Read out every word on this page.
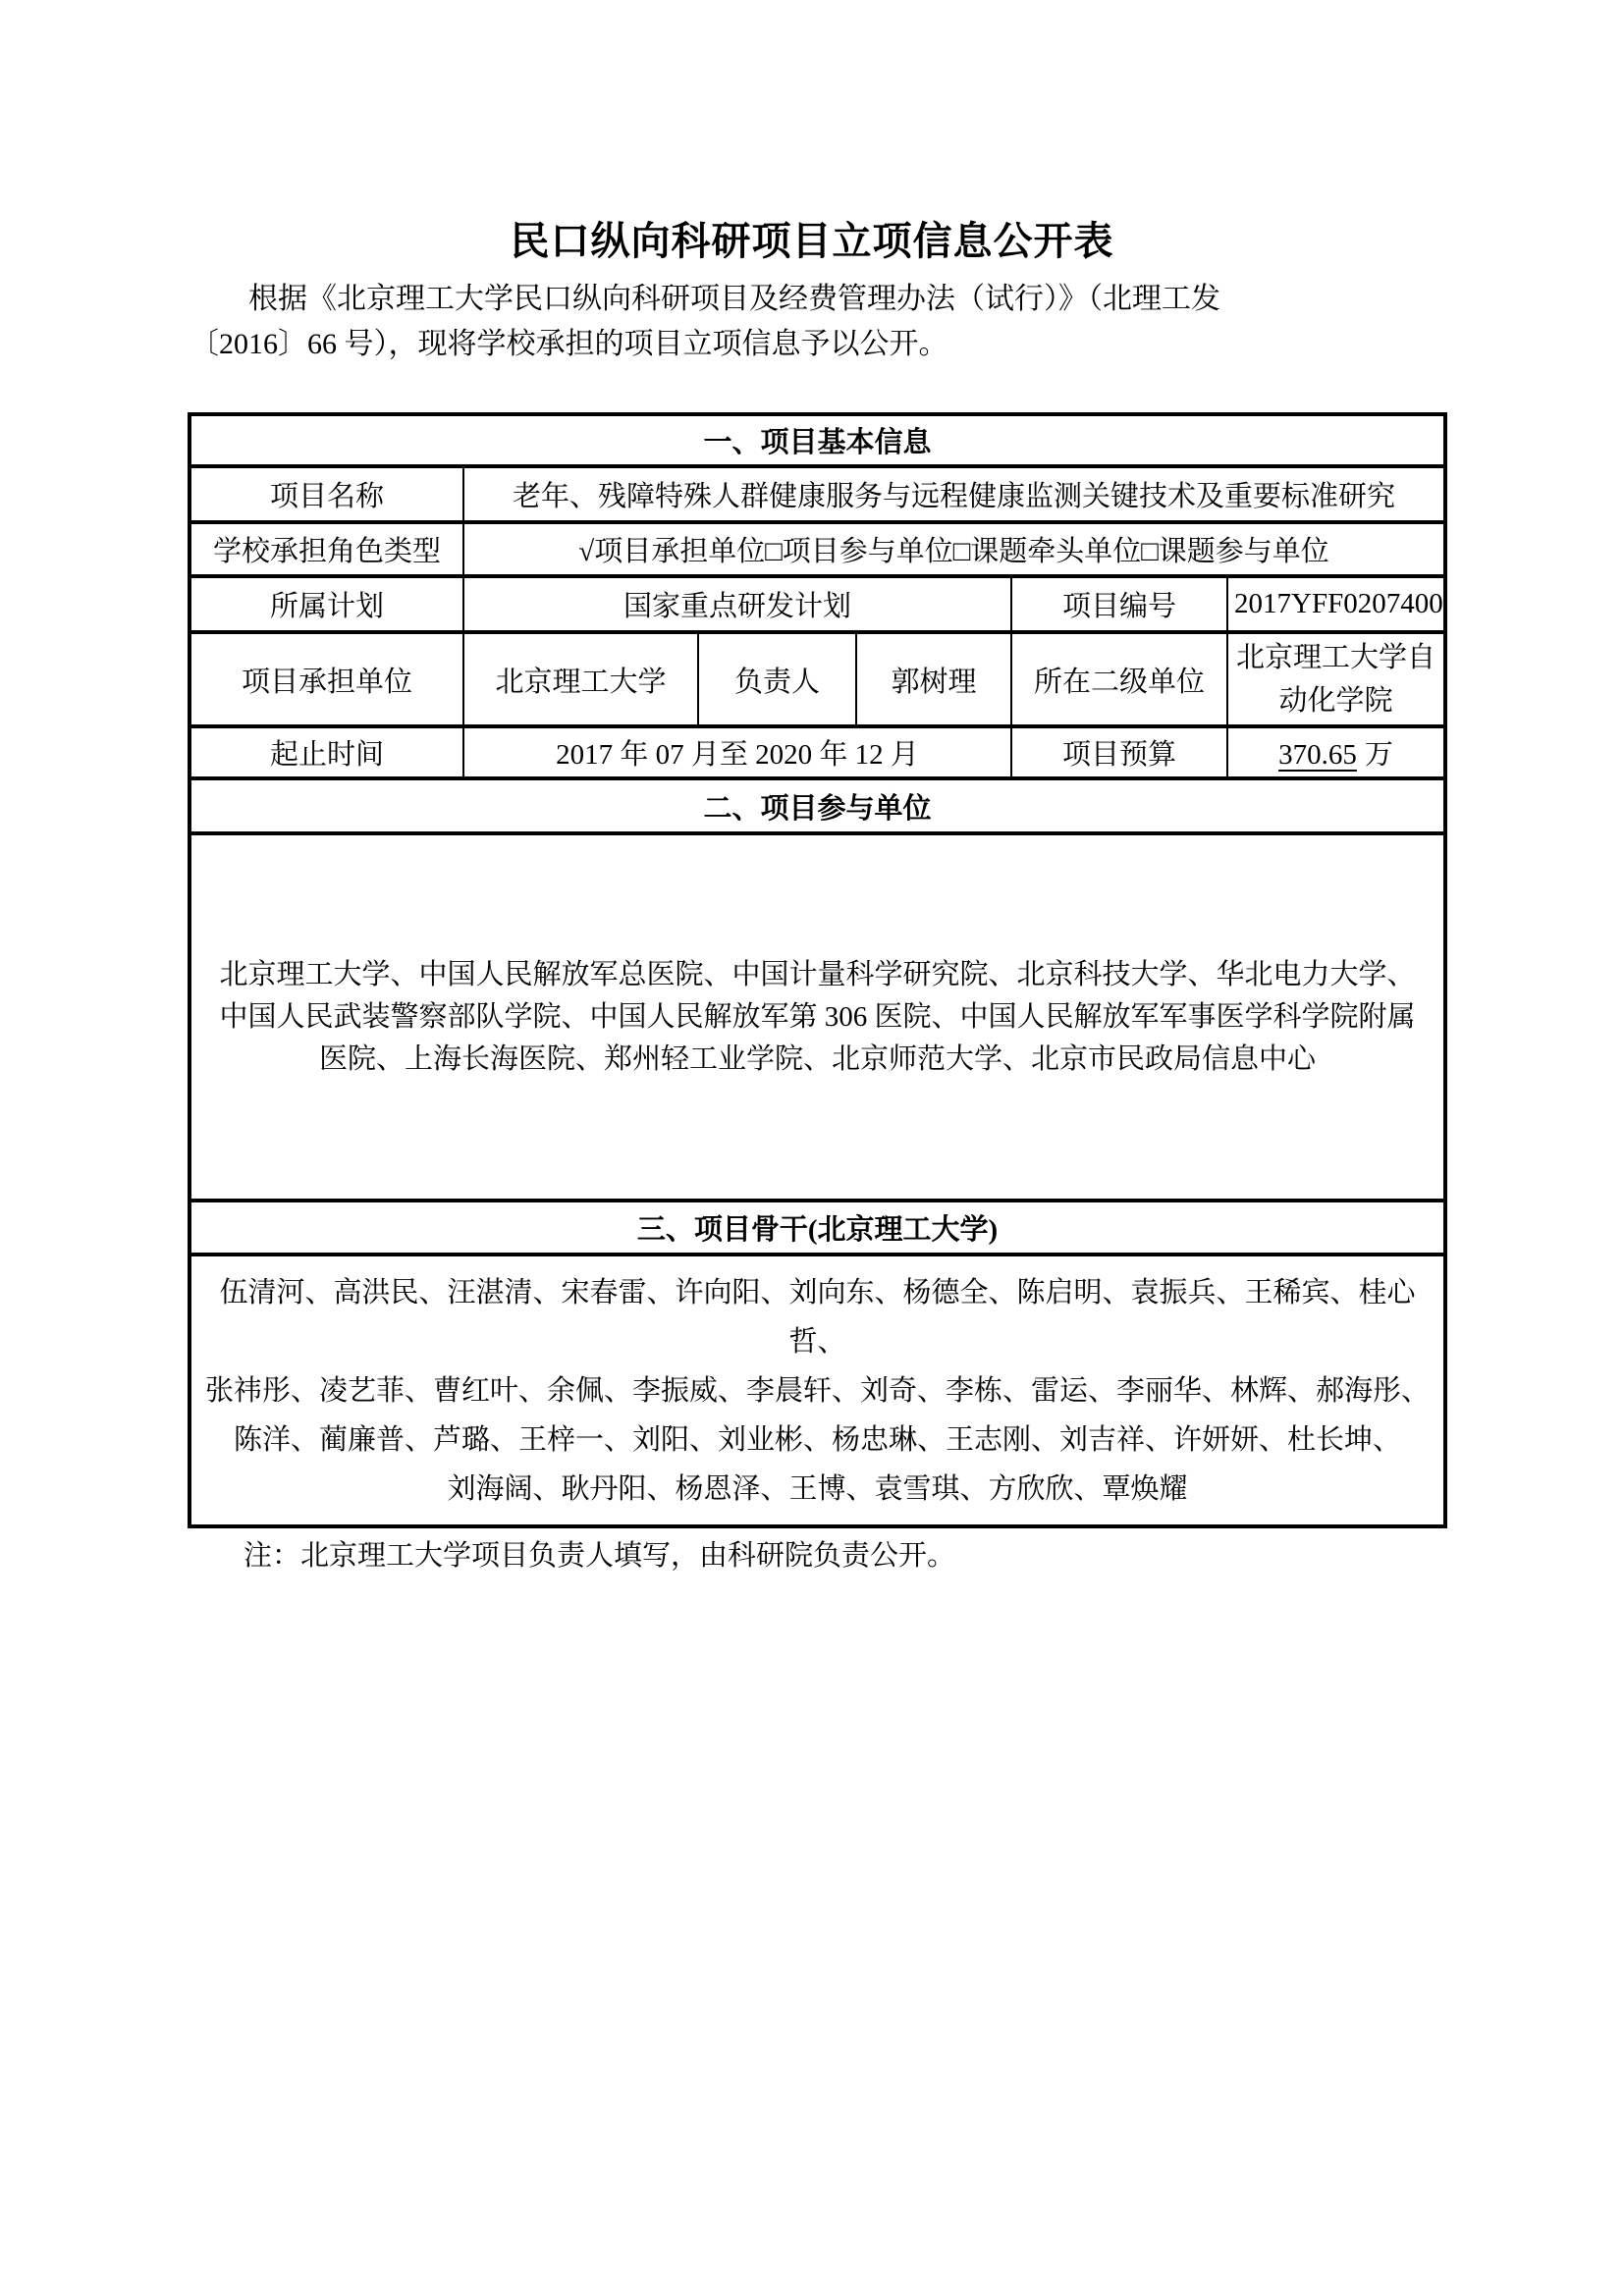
民口纵向科研项目立项信息公开表
根据《北京理工大学民口纵向科研项目及经费管理办法（试行）》（北理工发
〔2016〕66 号），现将学校承担的项目立项信息予以公开。
一、项目基本信息					
项目名称	老年、残障特殊人群健康服务与远程健康监测关键技术及重要标准研究				
学校承担角色类型	√项目承担单位□项目参与单位□课题牵头单位□课题参与单位				
所属计划	国家重点研发计划			项目编号	2017YFF0207400
项目承担单位	北京理工大学	负责人	郭树理	所在二级单位	北京理工大学自动化学院
起止时间	2017 年 07 月至 2020 年 12 月			项目预算	370.65 万
二、项目参与单位					

北京理工大学、中国人民解放军总医院、中国计量科学研究院、北京科技大学、华北电力大学、
中国人民武装警察部队学院、中国人民解放军第 306 医院、中国人民解放军军事医学科学院附属
医院、上海长海医院、郑州轻工业学院、北京师范大学、北京市民政局信息中心					

三、项目骨干(北京理工大学)					

伍清河、高洪民、汪湛清、宋春雷、许向阳、刘向东、杨德全、陈启明、袁振兵、王稀宾、桂心哲、
张祎彤、凌艺菲、曹红叶、余佩、李振威、李晨轩、刘奇、李栋、雷运、李丽华、林辉、郝海彤、
陈洋、蔺廉普、芦璐、王梓一、刘阳、刘业彬、杨忠琳、王志刚、刘吉祥、许妍妍、杜长坤、
刘海阔、耿丹阳、杨恩泽、王博、袁雪琪、方欣欣、覃焕耀					
注：北京理工大学项目负责人填写，由科研院负责公开。
